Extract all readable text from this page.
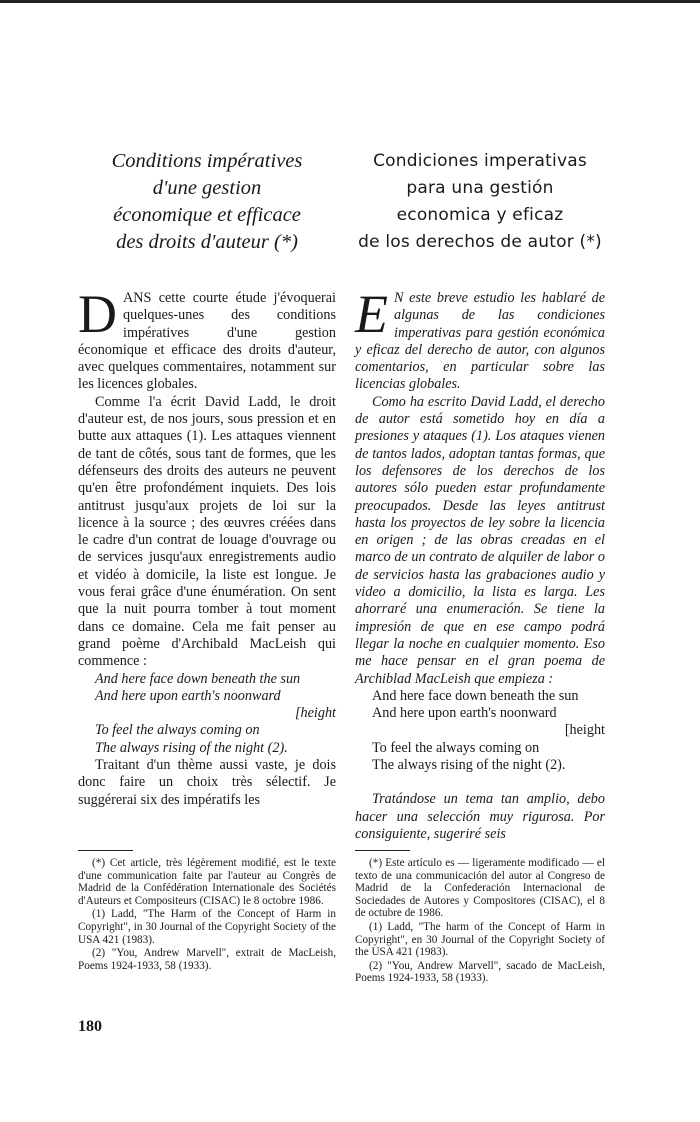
Conditions impératives
d'une gestion
économique et efficace
des droits d'auteur (*)

DANS cette courte étude j'évoquerai quelques-unes des conditions impératives d'une gestion économique et efficace des droits d'auteur, avec quelques commentaires, notamment sur les licences globales.

Comme l'a écrit David Ladd, le droit d'auteur est, de nos jours, sous pression et en butte aux attaques (1). Les attaques viennent de tant de côtés, sous tant de formes, que les défenseurs des droits des auteurs ne peuvent qu'en être profondément inquiets. Des lois antitrust jusqu'aux projets de loi sur la licence à la source ; des œuvres créées dans le cadre d'un contrat de louage d'ouvrage ou de services jusqu'aux enregistrements audio et vidéo à domicile, la liste est longue. Je vous ferai grâce d'une énumération. On sent que la nuit pourra tomber à tout moment dans ce domaine. Cela me fait penser au grand poème d'Archibald MacLeish qui commence :

And here face down beneath the sun

And here upon earth's noonward

[height

To feel the always coming on

The always rising of the night (2).

Traitant d'un thème aussi vaste, je dois donc faire un choix très sélectif. Je suggérerai six des impératifs les

(*) Cet article, très légèrement modifié, est le texte d'une communication faite par l'auteur au Congrès de Madrid de la Confédération Internationale des Sociétés d'Auteurs et Compositeurs (CISAC) le 8 octobre 1986.

(1) Ladd, "The Harm of the Concept of Harm in Copyright", in 30 Journal of the Copyright Society of the USA 421 (1983).

(2) "You, Andrew Marvell", extrait de MacLeish, Poems 1924-1933, 58 (1933).

Condiciones imperativas
para una gestión
economica y eficaz
de los derechos de autor (*)

E N este breve estudio les hablaré de algunas de las condiciones imperativas para gestión económica y eficaz del derecho de autor, con algunos comentarios, en particular sobre las licencias globales.

Como ha escrito David Ladd, el derecho de autor está sometido hoy en día a presiones y ataques (1). Los ataques vienen de tantos lados, adoptan tantas formas, que los defensores de los derechos de los autores sólo pueden estar profundamente preocupados. Desde las leyes antitrust hasta los proyectos de ley sobre la licencia en origen ; de las obras creadas en el marco de un contrato de alquiler de labor o de servicios hasta las grabaciones audio y video a domicilio, la lista es larga. Les ahorraré una enumeración. Se tiene la impresión de que en ese campo podrá llegar la noche en cualquier momento. Eso me hace pensar en el gran poema de Archiblad MacLeish que empieza :

And here face down beneath the sun

And here upon earth's noonward

[height

To feel the always coming on

The always rising of the night (2).

Tratándose un tema tan amplio, debo hacer una selección muy rigurosa. Por consiguiente, sugeriré seis

(*) Este artículo es — ligeramente modificado — el texto de una communicación del autor al Congreso de Madrid de la Confederación Internacional de Sociedades de Autores y Compositores (CISAC), el 8 de octubre de 1986.

(1) Ladd, "The harm of the Concept of Harm in Copyright", en 30 Journal of the Copyright Society of the USA 421 (1983).

(2) "You, Andrew Marvell", sacado de MacLeish, Poems 1924-1933, 58 (1933).

180
